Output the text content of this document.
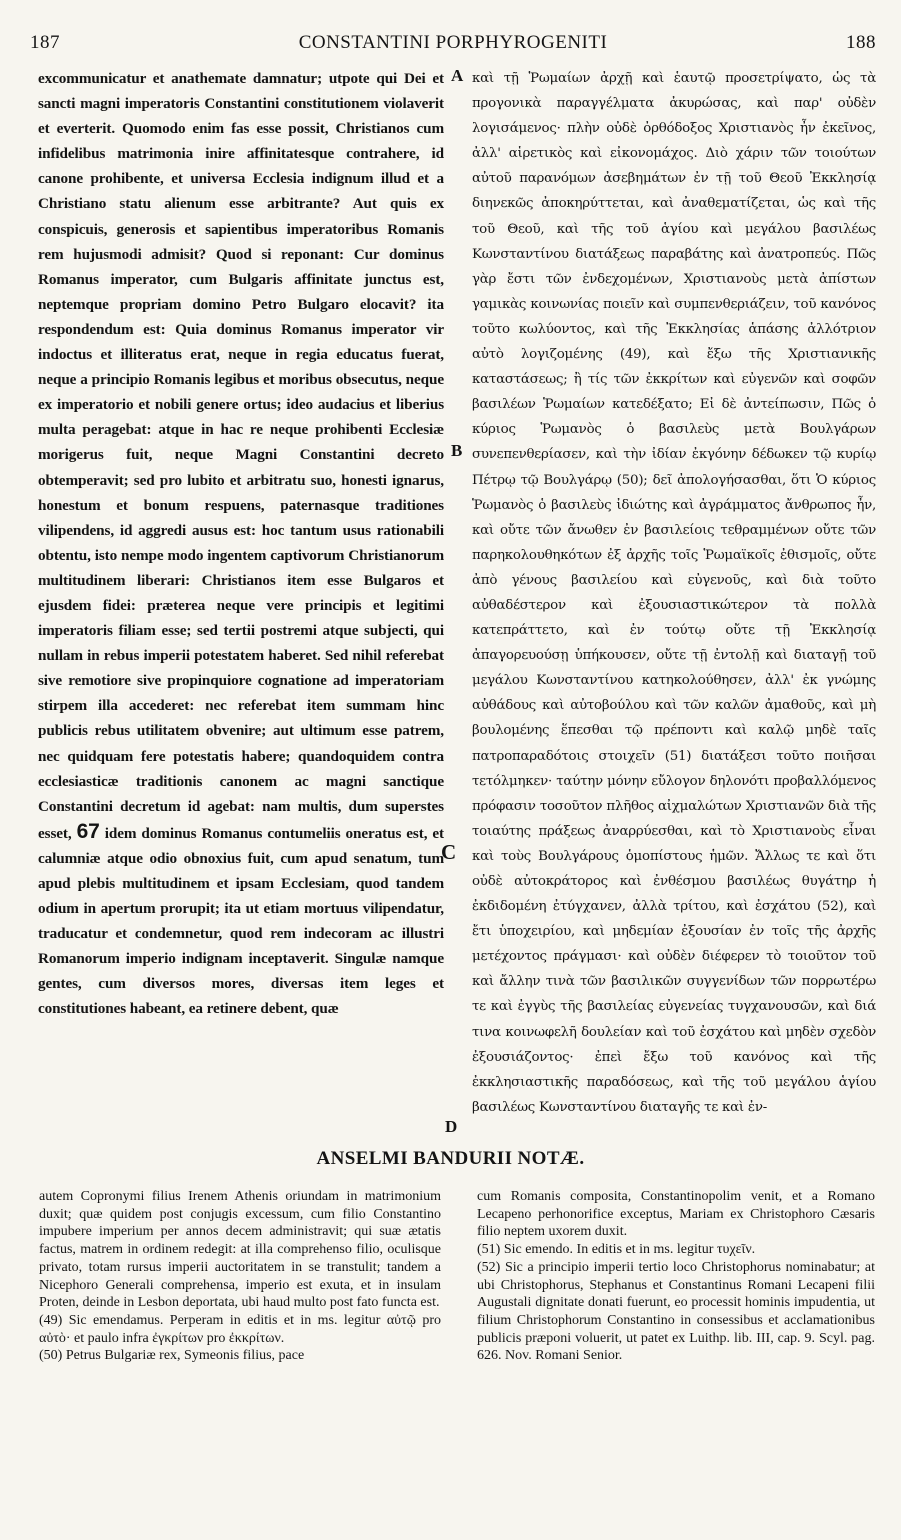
187	CONSTANTINI PORPHYROGENITI	188

excommunicatur et anathemate damnatur; utpote qui Dei et sancti magni imperatoris Constantini constitutionem violaverit et everterit. Quomodo enim fas esse possit, Christianos cum infidelibus matrimonia inire affinitatesque contrahere, id canone prohibente, et universa Ecclesia indignum illud et a Christiano statu alienum esse arbitrante? Aut quis ex conspicuis, generosis et sapientibus imperatoribus Romanis rem hujusmodi admisit? Quod si reponant: Cur dominus Romanus imperator, cum Bulgaris affinitate junctus est, neptemque propriam domino Petro Bulgaro elocavit? ita respondendum est: Quia dominus Romanus imperator vir indoctus et illiteratus erat, neque in regia educatus fuerat, neque a principio Romanis legibus et moribus obsecutus, neque ex imperatorio et nobili genere ortus; ideo audacius et liberius multa peragebat: atque in hac re neque prohibenti Ecclesiæ morigerus fuit, neque Magni Constantini decreto obtemperavit; sed pro lubito et arbitratu suo, honesti ignarus, honestum et bonum respuens, paternasque traditiones vilipendens, id aggredi ausus est: hoc tantum usus rationabili obtentu, isto nempe modo ingentem captivorum Christianorum multitudinem liberari: Christianos item esse Bulgaros et ejusdem fidei: præterea neque vere principis et legitimi imperatoris filiam esse; sed tertii postremi atque subjecti, qui nullam in rebus imperii potestatem haberet. Sed nihil referebat sive remotiore sive propinquiore cognatione ad imperatoriam stirpem illa accederet: nec referebat item summam hinc publicis rebus utilitatem obvenire; aut ultimum esse patrem, nec quidquam fere potestatis habere; quandoquidem contra ecclesiasticæ traditionis canonem ac magni sanctique Constantini decretum id agebat: nam multis, dum superstes esset, 67 idem dominus Romanus contumeliis oneratus est, et calumniæ atque odio obnoxius fuit, cum apud senatum, tum apud plebis multitudinem et ipsam Ecclesiam, quod tandem odium in apertum prorupit; ita ut etiam mortuus vilipendatur, traducatur et condemnetur, quod rem indecoram ac illustri Romanorum imperio indignam inceptaverit. Singulæ namque gentes, cum diversos mores, diversas item leges et constitutiones habeant, ea retinere debent, quæ

A
B
C
D

καὶ τῇ Ῥωμαίων ἀρχῇ καὶ ἑαυτῷ προσετρίψατο, ὡς τὰ προγονικὰ παραγγέλματα ἀκυρώσας, καὶ παρ' οὐδὲν λογισάμενος· πλὴν οὐδὲ ὀρθόδοξος Χριστιανὸς ἦν ἐκεῖνος, ἀλλ' αἱρετικὸς καὶ εἰκονομάχος. Διὸ χάριν τῶν τοιούτων αὐτοῦ παρανόμων ἀσεβημάτων ἐν τῇ τοῦ Θεοῦ Ἐκκλησίᾳ διηνεκῶς ἀποκηρύττεται, καὶ ἀναθεματίζεται, ὡς καὶ τῆς τοῦ Θεοῦ, καὶ τῆς τοῦ ἁγίου καὶ μεγάλου βασιλέως Κωνσταντίνου διατάξεως παραβάτης καὶ ἀνατροπεύς. Πῶς γὰρ ἔστι τῶν ἐνδεχομένων, Χριστιανοὺς μετὰ ἀπίστων γαμικὰς κοινωνίας ποιεῖν καὶ συμπενθεριάζειν, τοῦ κανόνος τοῦτο κωλύοντος, καὶ τῆς Ἐκκλησίας ἁπάσης ἀλλότριον αὐτὸ λογιζομένης (49), καὶ ἔξω τῆς Χριστιανικῆς καταστάσεως; ἢ τίς τῶν ἐκκρίτων καὶ εὐγενῶν καὶ σοφῶν βασιλέων Ῥωμαίων κατεδέξατο; Εἰ δὲ ἀντείπωσιν, Πῶς ὁ κύριος Ῥωμανὸς ὁ βασιλεὺς μετὰ Βουλγάρων συνεπενθερίασεν, καὶ τὴν ἰδίαν ἐκγόνην δέδωκεν τῷ κυρίῳ Πέτρῳ τῷ Βουλγάρῳ (50); δεῖ ἀπολογήσασθαι, ὅτι Ὁ κύριος Ῥωμανὸς ὁ βασιλεὺς ἰδιώτης καὶ ἀγράμματος ἄνθρωπος ἦν, καὶ οὔτε τῶν ἄνωθεν ἐν βασιλείοις τεθραμμένων οὔτε τῶν παρηκολουθηκότων ἐξ ἀρχῆς τοῖς Ῥωμαϊκοῖς ἐθισμοῖς, οὔτε ἀπὸ γένους βασιλείου καὶ εὐγενοῦς, καὶ διὰ τοῦτο αὐθαδέστερον καὶ ἐξουσιαστικώτερον τὰ πολλὰ κατεπράττετο, καὶ ἐν τούτῳ οὔτε τῇ Ἐκκλησίᾳ ἀπαγορευούσῃ ὑπήκουσεν, οὔτε τῇ ἐντολῇ καὶ διαταγῇ τοῦ μεγάλου Κωνσταντίνου κατηκολούθησεν, ἀλλ' ἐκ γνώμης αὐθάδους καὶ αὐτοβούλου καὶ τῶν καλῶν ἀμαθοῦς, καὶ μὴ βουλομένης ἕπεσθαι τῷ πρέποντι καὶ καλῷ μηδὲ ταῖς πατροπαραδότοις στοιχεῖν (51) διατάξεσι τοῦτο ποιῆσαι τετόλμηκεν· ταύτην μόνην εὔλογον δηλονότι προβαλλόμενος πρόφασιν τοσοῦτον πλῆθος αἰχμαλώτων Χριστιανῶν διὰ τῆς τοιαύτης πράξεως ἀναρρύεσθαι, καὶ τὸ Χριστιανοὺς εἶναι καὶ τοὺς Βουλγάρους ὁμοπίστους ἡμῶν. Ἄλλως τε καὶ ὅτι οὐδὲ αὐτοκράτορος καὶ ἐνθέσμου βασιλέως θυγάτηρ ἡ ἐκδιδομένη ἐτύγχανεν, ἀλλὰ τρίτου, καὶ ἐσχάτου (52), καὶ ἔτι ὑποχειρίου, καὶ μηδεμίαν ἐξουσίαν ἐν τοῖς τῆς ἀρχῆς μετέχοντος πράγμασι· καὶ οὐδὲν διέφερεν τὸ τοιοῦτον τοῦ καὶ ἄλλην τινὰ τῶν βασιλικῶν συγγενίδων τῶν πορρωτέρω τε καὶ ἐγγὺς τῆς βασιλείας εὐγενείας τυγχανουσῶν, καὶ διά τινα κοινωφελῆ δουλείαν καὶ τοῦ ἐσχάτου καὶ μηδὲν σχεδὸν ἐξουσιάζοντος· ἐπεὶ ἔξω τοῦ κανόνος καὶ τῆς ἐκκλησιαστικῆς παραδόσεως, καὶ τῆς τοῦ μεγάλου ἁγίου βασιλέως Κωνσταντίνου διαταγῆς τε καὶ ἐν-

ANSELMI BANDURII NOTÆ.

autem Copronymi filius Irenem Athenis oriundam in matrimonium duxit; quæ quidem post conjugis excessum, cum filio Constantino impubere imperium per annos decem administravit; qui suæ ætatis factus, matrem in ordinem redegit: at illa comprehenso filio, oculisque privato, totam rursus imperii auctoritatem in se transtulit; tandem a Nicephoro Generali comprehensa, imperio est exuta, et in insulam Proten, deinde in Lesbon deportata, ubi haud multo post fato functa est.
(49) Sic emendamus. Perperam in editis et in ms. legitur αὐτῷ pro αὐτὸ· et paulo infra ἐγκρίτων pro ἐκκρίτων.
(50) Petrus Bulgariæ rex, Symeonis filius, pace

cum Romanis composita, Constantinopolim venit, et a Romano Lecapeno perhonorifice exceptus, Mariam ex Christophoro Cæsaris filio neptem uxorem duxit.
(51) Sic emendo. In editis et in ms. legitur τυχεῖν.
(52) Sic a principio imperii tertio loco Christophorus nominabatur; at ubi Christophorus, Stephanus et Constantinus Romani Lecapeni filii Augustali dignitate donati fuerunt, eo processit hominis impudentia, ut filium Christophorum Constantino in consessibus et acclamationibus publicis præponi voluerit, ut patet ex Luithp. lib. III, cap. 9. Scyl. pag. 626. Nov. Romani Senior.
